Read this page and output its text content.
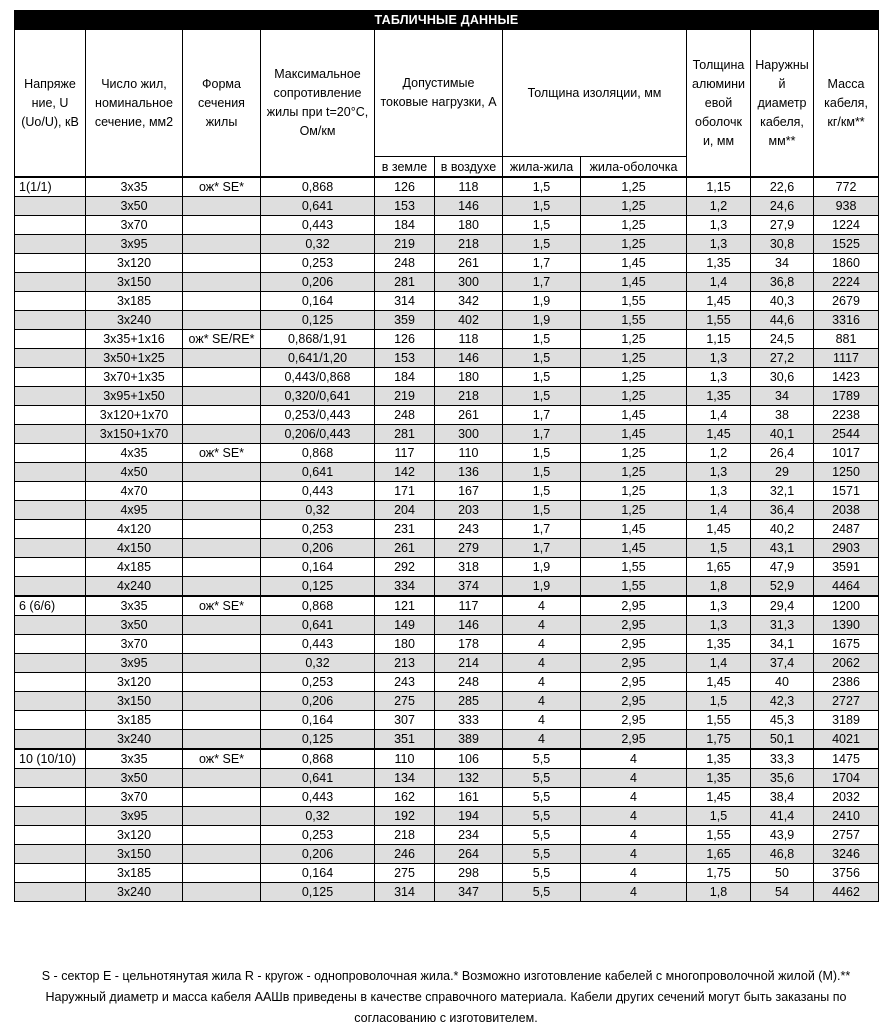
ТАБЛИЧНЫЕ ДАННЫЕ										
Напряже ние, U (Uo/U), кВ	Число жил, номинальное сечение, мм2	Форма сечения жилы	Максимальное сопротивление жилы при t=20°С, Ом/км	Допустимые токовые нагрузки, А		Толщина изоляции, мм		Толщина алюмини евой оболочк и, мм	Наружны й диаметр кабеля, мм**	Масса кабеля, кг/км**
				в земле	в воздухе	жила-жила	жила-оболочка			
1(1/1)	3х35	ож* SE*	0,868	126	118	1,5	1,25	1,15	22,6	772
	3х50		0,641	153	146	1,5	1,25	1,2	24,6	938
	3х70		0,443	184	180	1,5	1,25	1,3	27,9	1224
	3х95		0,32	219	218	1,5	1,25	1,3	30,8	1525
	3х120		0,253	248	261	1,7	1,45	1,35	34	1860
	3х150		0,206	281	300	1,7	1,45	1,4	36,8	2224
	3х185		0,164	314	342	1,9	1,55	1,45	40,3	2679
	3х240		0,125	359	402	1,9	1,55	1,55	44,6	3316
	3х35+1х16	ож* SE/RE*	0,868/1,91	126	118	1,5	1,25	1,15	24,5	881
	3х50+1х25		0,641/1,20	153	146	1,5	1,25	1,3	27,2	1117
	3х70+1х35		0,443/0,868	184	180	1,5	1,25	1,3	30,6	1423
	3х95+1х50		0,320/0,641	219	218	1,5	1,25	1,35	34	1789
	3х120+1х70		0,253/0,443	248	261	1,7	1,45	1,4	38	2238
	3х150+1х70		0,206/0,443	281	300	1,7	1,45	1,45	40,1	2544
	4х35	ож* SE*	0,868	117	110	1,5	1,25	1,2	26,4	1017
	4х50		0,641	142	136	1,5	1,25	1,3	29	1250
	4х70		0,443	171	167	1,5	1,25	1,3	32,1	1571
	4х95		0,32	204	203	1,5	1,25	1,4	36,4	2038
	4х120		0,253	231	243	1,7	1,45	1,45	40,2	2487
	4х150		0,206	261	279	1,7	1,45	1,5	43,1	2903
	4х185		0,164	292	318	1,9	1,55	1,65	47,9	3591
	4х240		0,125	334	374	1,9	1,55	1,8	52,9	4464
6 (6/6)	3х35	ож* SE*	0,868	121	117	4	2,95	1,3	29,4	1200
	3х50		0,641	149	146	4	2,95	1,3	31,3	1390
	3х70		0,443	180	178	4	2,95	1,35	34,1	1675
	3х95		0,32	213	214	4	2,95	1,4	37,4	2062
	3х120		0,253	243	248	4	2,95	1,45	40	2386
	3х150		0,206	275	285	4	2,95	1,5	42,3	2727
	3х185		0,164	307	333	4	2,95	1,55	45,3	3189
	3х240		0,125	351	389	4	2,95	1,75	50,1	4021
10 (10/10)	3х35	ож* SE*	0,868	110	106	5,5	4	1,35	33,3	1475
	3х50		0,641	134	132	5,5	4	1,35	35,6	1704
	3х70		0,443	162	161	5,5	4	1,45	38,4	2032
	3х95		0,32	192	194	5,5	4	1,5	41,4	2410
	3х120		0,253	218	234	5,5	4	1,55	43,9	2757
	3х150		0,206	246	264	5,5	4	1,65	46,8	3246
	3х185		0,164	275	298	5,5	4	1,75	50	3756
	3х240		0,125	314	347	5,5	4	1,8	54	4462
S - сектор E - цельнотянутая жила R - кругож - однопроволочная жила.* Возможно изготовление кабелей с многопроволочной жилой (М).** Наружный диаметр и масса кабеля ААШв приведены в качестве справочного материала. Кабели других сечений могут быть заказаны по согласованию с изготовителем.
